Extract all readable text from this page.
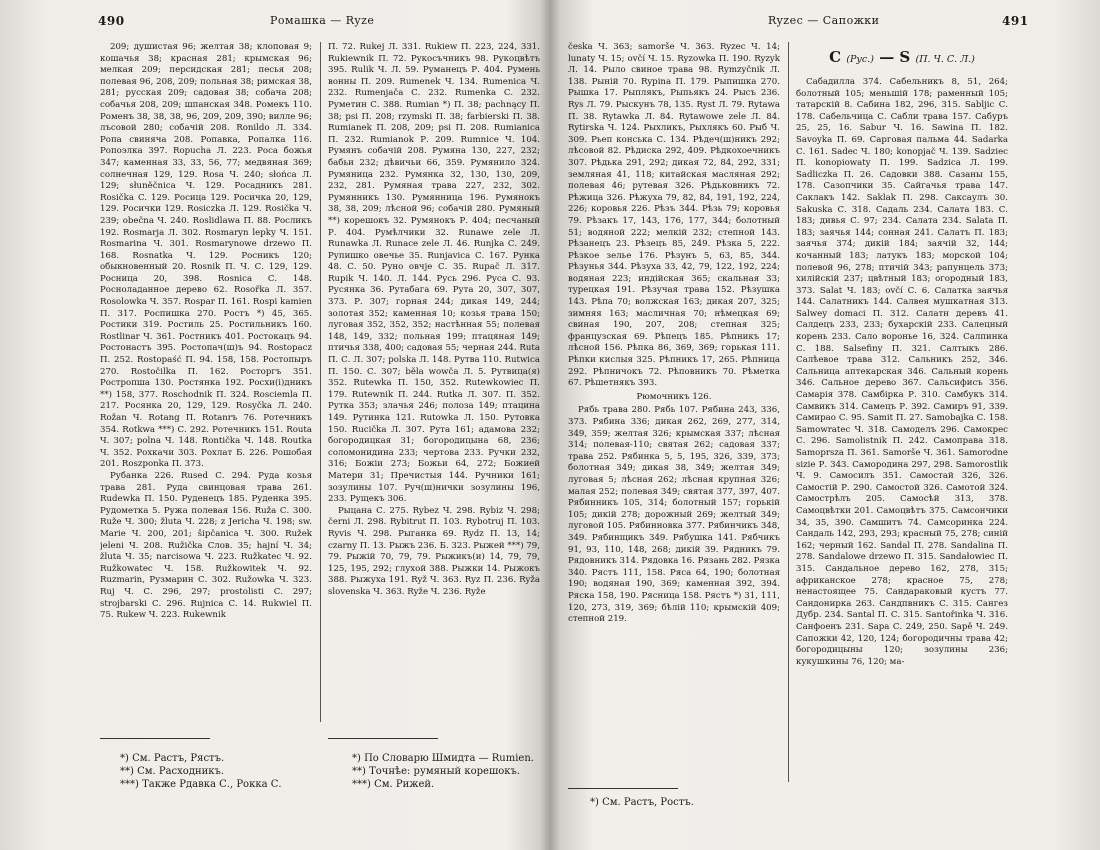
490	Ромашка — Ryze

209; душистая 96; желтая 38; клоповая 9; кошачья 38; красная 281; крымская 96; мелкая 209; персидская 281; песья 208; полевая 96, 208, 209; польная 38; римская 38, 281; русская 209; садовая 38; собача 208; собачья 208, 209; шпанская 348. Ромекъ 110. Роменъ 38, 38, 38, 96, 209, 209, 390; вилле 96; лъсовой 280; собачій 208. Ronildo Л. 334. Ропа свиняча 208. Ропавка, Ропалка 116. Ропоэлка 397. Ropucha Л. 223. Роса божья 347; каменная 33, 33, 56, 77; медвяная 369; солнечная 129, 129. Rosa Ч. 240; słońca Л. 129; słuněčnica Ч. 129. Росадникъ 281. Rosička C. 129. Росица 129. Росичка 20, 129, 129. Росички 129. Rosiczka Л. 129. Rosička Ч. 239; obečna Ч. 240. Roslidlawa П. 88. Росликъ 192. Rosmarja Л. 302. Rosmaryn lepky Ч. 151. Rosmarina Ч. 301. Rosmarynowe drzewo П. 168. Rosnatka Ч. 129. Росникъ 120; обыкновенный 20. Rosnik П. Ч. С. 129, 129. Росница 20, 398. Rosnica С. 148. Росноладанное дерево 62. Rosořka Л. 357. Rosolowka Ч. 357. Rospar П. 161. Rospi kamien П. 317. Роспишка 270. Ростъ *) 45, 365. Ростики 319. Ростиль 25. Ростильникъ 160. Rostlinar Ч. 361. Ростникъ 401. Ростокацъ 94. Ростонастъ 395. Ростопач(ш)ъ 94. Rostopacz П. 252. Rostopaść П. 94. 158, 158. Ростопыръ 270. Rostočilka П. 162. Росторгъ 351. Ростропша 130. Ростянка 192. Росхи(і)дникъ **) 158, 377. Roschodnik П. 324. Rosciemla П. 217. Росянка 20, 129, 129. Rosyčka Л. 240. Rožan Ч. Rotang П. Rotanrъ 76. Ротечникъ 354. Rotkwa ***) С. 292. Ротечникъ 151. Routa Ч. 307; polna Ч. 148. Rontička Ч. 148. Routka Ч. 352. Рохкачи 303. Рохлат Б. 226. Рошобая 201. Roszponka П. 373.

Рубанка 226. Rused С. 294. Руда козья травa 281. Руда свинцовая трава 261. Rudewka П. 150. Руденецъ 185. Руденка 395. Рудометка 5. Ружа полевая 156. Ruža С. 300. Ruže Ч. 300; žluta Ч. 228; z Jericha Ч. 198; sw. Marie Ч. 200, 201; šipčanica Ч. 300. Ružek jeleni Ч. 208. Ružička Слов. 35; hajní Ч. 34; žluta Ч. 35; narcisowa Ч. 223. Ružkatec Ч. 92. Ružkowatec Ч. 158. Ružkowitek Ч. 92. Ruzmarin, Рузмарин С. 302. Ružowka Ч. 323. Ruj Ч. С. 296, 297; prostolisti С. 297; strojbarski С. 296. Rujnica С. 14. Rukwiel П. 75. Rukew Ч. 223. Rukewnik

П. 72. Rukej Л. 331. Rukiew П. 223, 224, 331. Rukiewnik П. 72. Рукосъчникъ 98. Рукоцвѣтъ 395. Rulik Ч. Л. 59. Руманецъ Р. 404. Румень вонны П. 209. Rumenek Ч. 134. Rumenica Ч. 232. Rumenjača С. 232. Rumenka С. 232. Руметин С. 388. Rumian *) П. 38; pachnący П. 38; psi П. 208; rzymski П. 38; farbierski П. 38. Rumianek П. 208, 209; psi П. 208. Rumianica П. 232. Rumianok Р. 209. Rumnice Ч. 104. Румянъ собачій 208. Румяна 130, 227, 232; бабьи 232; дѣвичьи 66, 359. Румянило 324. Румяница 232. Румянка 32, 130, 130, 209, 232, 281. Румяная травa 227, 232, 302. Румянникъ 130. Румянница 196. Румянокъ 38, 38, 209; лѣсной 96; собачій 280. Румяный **) корешокъ 32. Румянокъ Р. 404; песчаный Р. 404. Румѣлчики 32. Runawe zele Л. Runawka Л. Runace zele Л. 46. Runjka С. 249. Рупишко овечье 35. Runjavica С. 167. Рунка 48. С. 50. Руно овчје С. 35. Rupač Л. 317. Rupik Ч. 140. Л. 144. Русь 296. Руса С. 93. Русянка 36. Рутабага 69. Рута 20, 307, 307, 373. Р. 307; горная 244; дикая 149, 244; золотая 352; каменная 10; козья травa 150; луговая 352, 352, 352; настѣнная 55; полевая 148, 149, 332; польная 199; птацяная 149; птичья 338, 400; садовая 55; черная 244. Ruta П. С. Л. 307; polska Л. 148. Рутва 110. Rutwica П. 150. С. 307; běla wowča Л. 5. Рутвица(я) 352. Rutewka П. 150, 352. Rutewkowiec П. 179. Rutewnik П. 244. Rutka Л. 307. П. 352. Рутка 353; злачья 246; полоза 149; птацина 149. Рутинка 121. Rutowka Л. 150. Рутовка 150. Rucička Л. 307. Рута 161; адамова 232; богородицкая 31; богородицына 68, 236; соломонидина 233; чертова 233. Ручки 232, 316; Божіи 273; Божьи 64, 272; Божией Матери 31; Пречистыя 144. Ручники 161; зозулины 107. Руч(ш)нички зозулины 196, 233. Рущекъ 306.

Рыцана С. 275. Rybez Ч. 298. Rybiz Ч. 298; černi Л. 298. Rybitrut П. 103. Rybotruj П. 103. Ryvis Ч. 298. Рыганка 69. Rydz П. 13, 14; czarny П. 13. Рыжъ 236. Б. 323. Рыжей ***) 79, 79. Рыжій 70, 79, 79. Рыжикъ(и) 14, 79, 79, 125, 195, 292; глухой 388. Рыжки 14. Рыжокъ 388. Рыжуха 191. Ryž Ч. 363. Ryz П. 236. Ryža slovenska Ч. 363. Ryže Ч. 236. Ryže

*) См. Растъ, Рястъ.
**) См. Расходникъ.
***) Также Рдавка С., Рокка С.
*) По Словарю Шмидта — Rumien.
**) Точнѣе: румяный корешокъ.
***) См. Рижей.
Ryzec — Сапожки	491

česka Ч. 363; samorše Ч. 363. Ryzec Ч. 14; lunaty Ч. 15; ovčí Ч. 15. Ryzowka П. 190. Ryzyk Л. 14. Рыло свиное травa 98. Rymzyčnik Л. 138. Рыній 70. Rypina П. 179. Рыпишка 270. Рышка 17. Рыплякъ, Рыпьякъ 24. Рысъ 236. Rys Л. 79. Рыскунъ 78, 135. Ryst Л. 79. Rytawa П. 38. Rytawka Л. 84. Rytawowe zele Л. 84. Rytirska Ч. 124. Рыхликъ, Рыхлякъ 60. Рыб Ч. 309. Рьеп конська С. 134. Рѣдеч(ш)никъ 292; лѣсовой 82. Рѣдиска 292, 409. Рѣдкохоечникъ 307. Рѣдька 291, 292; дикая 72, 84, 292, 331; земляная 41, 118; китайская масляная 292; полевая 46; рутевая 326. Рѣдьковникъ 72. Рѣжица 326. Рѣжуха 79, 82, 84, 191, 192, 224, 226; коровья 226. Рѣзъ 344. Рѣзь 79; коровья 79. Рѣзакъ 17, 143, 176, 177, 344; болотный 51; водяной 222; мелкій 232; степной 143. Рѣзанецъ 23. Рѣзецъ 85, 249. Рѣзка 5, 222. Рѣзкое зелье 176. Рѣзунъ 5, 63, 85, 344. Рѣзунья 344. Рѣзуха 33, 42, 79, 122, 192, 224; водяная 223; индійская 365; скальная 33; турецкая 191. Рѣзучая травa 152. Рѣзушка 143. Рѣпа 70; волжская 163; дикая 207, 325; зимняя 163; масличная 70; нѣмецкая 69; свиная 190, 207, 208; степная 325; французская 69. Рѣпецъ 185. Рѣпникъ 17; лѣсной 156. Рѣпка 86, 369, 369; горькая 111. Рѣпки кислыя 325. Рѣпникъ 17, 265. Рѣпница 292. Рѣпничокъ 72. Рѣповникъ 70. Рѣметка 67. Рѣшетнякъ 393.

Рюмочникъ 126.

Рябь травa 280. Рябь 107. Рябина 243, 336, 373. Рябина 336; дикая 262, 269, 277, 314, 349, 359; желтая 326; крымская 337; лѣсная 314; полевая-110; святая 262; садовая 337; травa 252. Рябинка 5, 5, 195, 326, 339, 373; болотная 349; дикая 38, 349; желтая 349; луговая 5; лѣсная 262; лѣсная крупная 326; малая 252; полевая 349; святая 377, 397, 407. Рябинникъ 105, 314; болотный 157; горькій 105; дикій 278; дорожный 269; желтый 349; луговой 105. Рябинновка 377. Рябинчикъ 348, 349. Рябинщикъ 349. Рябушка 141. Рябчикъ 91, 93, 110, 148, 268; дикій 39. Рядникъ 79. Рядовникъ 314. Рядовка 16. Рязань 282. Рязка 340. Рястъ 111, 158. Ряса 64, 190; болотная 190; водяная 190, 369; каменная 392, 394. Ряска 158, 190. Рясница 158. Рястъ *) 31, 111, 120, 273, 319, 369; бѣлій 110; крымскій 409; степной 219.

С (Рус.) — S (П. Ч. С. Л.)

Сабадилла 374. Сабельникъ 8, 51, 264; болотный 105; меньшій 178; раменный 105; татарскій 8. Сабина 182, 296, 315. Sabljic С. 178. Сабельчица С. Сабли травa 157. Сабуръ 25, 25, 16. Sabur Ч. 16. Sawina П. 182. Savoyka П. 69. Сарговая пальма 44. Sadarka С. 161. Sadec Ч. 180; konopjač Ч. 139. Sadziec П. konopiowaty П. 199. Sadzica Л. 199. Sadliczka П. 26. Садовки 388. Сазаны 155, 178. Сазопчики 35. Сайгачья травa 147. Саклакъ 142. Saklak П. 298. Саксаулъ 30. Sakuska С. 318. Садаль 234. Салата 183. С. 183; дивья С. 97; 234. Салата 234. Salata П. 183; заячья 144; сонная 241. Салатъ П. 183; заячья 374; дикій 184; заячій 32, 144; кочанный 183; латукъ 183; морской 104; полевой 96, 278; птичій 343; рапунцель 373; хилійскій 237; цвѣтный 183; огородный 183, 373. Salat Ч. 183; ovčí С. 6. Салатка заячья 144. Салатникъ 144. Салвея мушкатная 313. Salwey domaci П. 312. Салатн деревъ 41. Салдецъ 233, 233; бухарскій 233. Салецный корень 233. Сало воронье 16, 324. Салпинка С. 188. Salsefiny П. 321. Салтыкъ 286. Салѣевое травa 312. Сальникъ 252, 346. Сальница аптекарская 346. Сальный корень 346. Сальное дерево 367. Сальсифисъ 356. Самарія 378. Самбірка Р. 310. Самбукъ 314. Самвикъ 314. Самецъ Р. 392. Самиръ 91, 339. Самирао С. 95. Samit П. 27. Samobajka С. 158. Samowratec Ч. 318. Самоделъ 296. Самокрес С. 296. Samolistnik П. 242. Самоправа 318. Samoprsza П. 361. Samorše Ч. 361. Samorodne sizie Р. 343. Самородина 297, 298. Samorostlik Ч. 9. Самосилъ 351. Самостай 326, 326. Самостій Р. 290. Самостой 326. Самотой 324. Самострѣлъ 205. Самосѣй 313, 378. Самоцвѣтки 201. Самоцвѣтъ 375. Самсончики 34, 35, 390. Самшитъ 74. Самсоринка 224. Сандаль 142, 293, 293; красный 75, 278; синій 162; черный 162. Sandal П. 278. Sandalina П. 278. Sandalowe drzewo П. 315. Sandałowiec П. 315. Сандальное дерево 162, 278, 315; африканское 278; красное 75, 278; ненастоящее 75. Сандараковый кустъ 77. Сандонирка 263. Сандпвникъ С. 315. Сангез Дубр. 234. Santal П. С. 315. Santořinka Ч. 316. Санфоенъ 231. Sapa С. 249, 250. Sapě Ч. 249. Сапожки 42, 120, 124; богородичны травa 42; богородицыны 120; зозулины 236; кукушкины 76, 120; ма-

*) См. Растъ, Ростъ.
